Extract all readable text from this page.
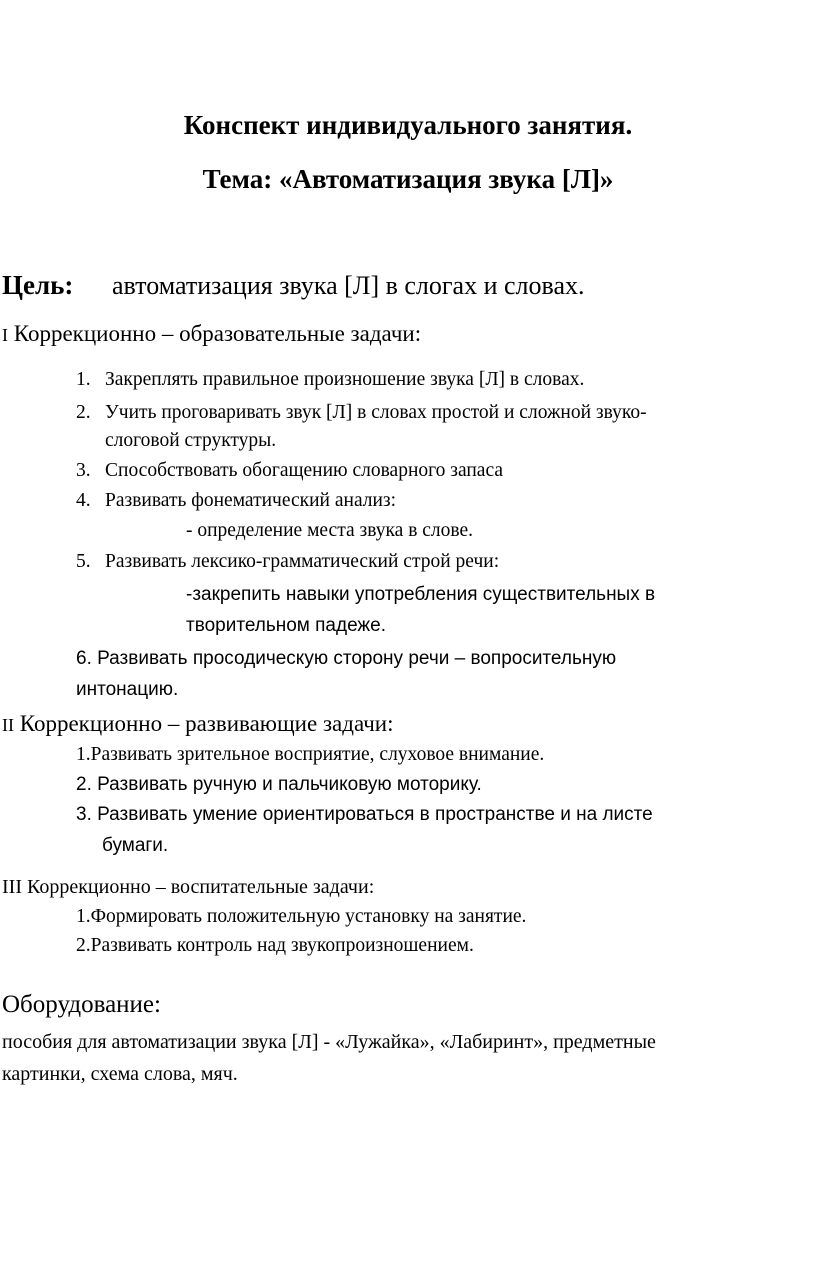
Конспект индивидуального занятия.
Тема: «Автоматизация звука [Л]»
Цель: автоматизация звука [Л] в слогах и словах.
I Коррекционно – образовательные задачи:
1. Закреплять правильное произношение звука [Л] в словах.
2. Учить проговаривать звук [Л] в словах простой и сложной звуко-
слоговой структуры.
3. Способствовать обогащению словарного запаса
4. Развивать фонематический анализ:
- определение места звука в слове.
5. Развивать лексико-грамматический строй речи:
-закрепить навыки употребления существительных в
творительном падеже.
6. Развивать просодическую сторону речи – вопросительную
интонацию.
II Коррекционно – развивающие задачи:
1.Развивать зрительное восприятие, слуховое внимание.
2. Развивать ручную и пальчиковую моторику.
3. Развивать умение ориентироваться в пространстве и на листе
бумаги.
III Коррекционно – воспитательные задачи:
1.Формировать положительную установку на занятие.
2.Развивать контроль над звукопроизношением.
Оборудование:
пособия для автоматизации звука [Л] - «Лужайка», «Лабиринт», предметные
картинки, схема слова, мяч.
